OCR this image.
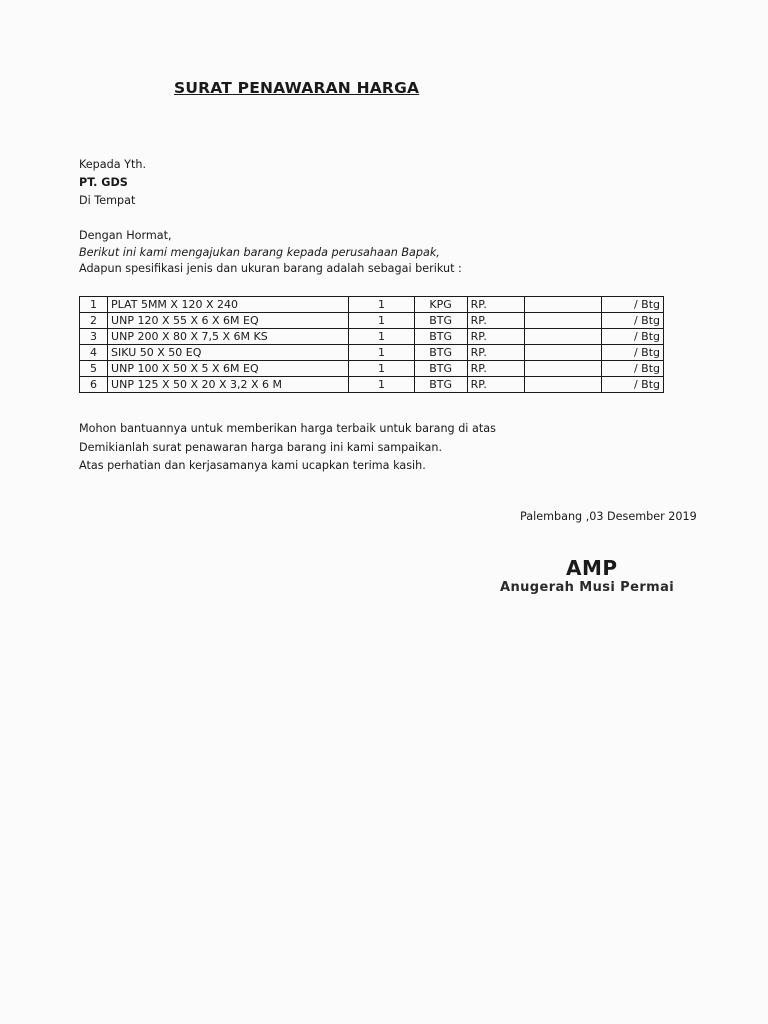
SURAT PENAWARAN HARGA
Kepada Yth.
PT. GDS
Di Tempat
Dengan Hormat,
Berikut ini kami mengajukan barang kepada perusahaan Bapak,
Adapun spesifikasi jenis dan ukuran barang adalah sebagai berikut :
1	PLAT 5MM X 120 X 240	1	KPG	RP.		/ Btg
2	UNP 120 X 55 X 6 X 6M EQ	1	BTG	RP.		/ Btg
3	UNP 200 X 80 X 7,5 X 6M KS	1	BTG	RP.		/ Btg
4	SIKU 50 X 50 EQ	1	BTG	RP.		/ Btg
5	UNP 100 X 50 X 5 X 6M EQ	1	BTG	RP.		/ Btg
6	UNP 125 X 50 X 20 X 3,2 X 6 M	1	BTG	RP.		/ Btg
Mohon bantuannya untuk memberikan harga terbaik untuk barang di atas
Demikianlah surat penawaran harga barang ini kami sampaikan.
Atas perhatian dan kerjasamanya kami ucapkan terima kasih.
Palembang ,03 Desember 2019
AMP
Anugerah Musi Permai
